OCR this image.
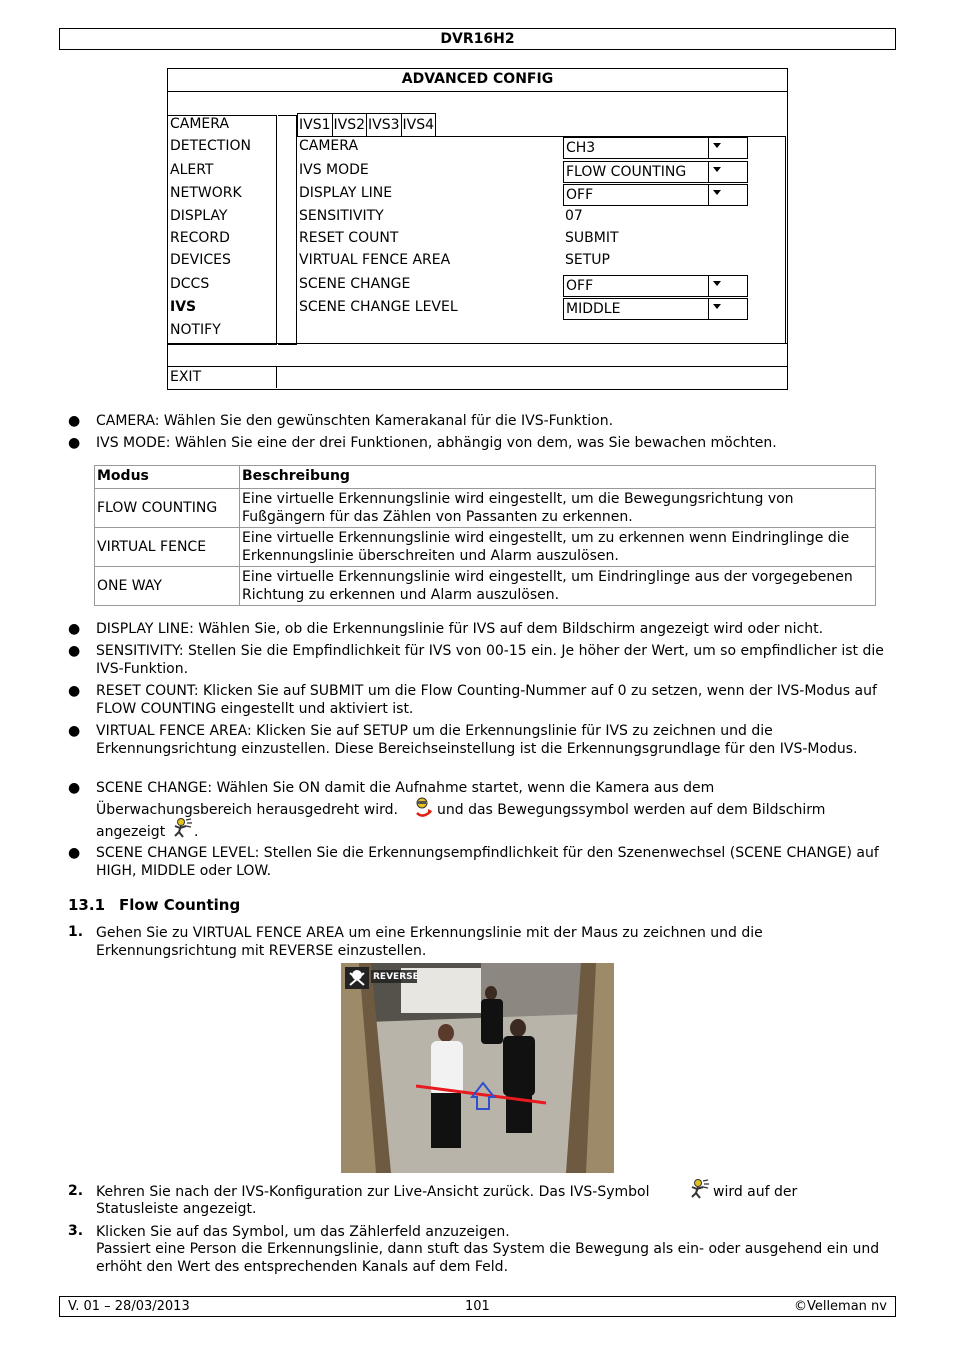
DVR16H2
ADVANCED CONFIG
CAMERA
DETECTION
ALERT
NETWORK
DISPLAY
RECORD
DEVICES
DCCS
IVS
NOTIFY
IVS1 IVS2 IVS3 IVS4
CAMERA	CH3
IVS MODE	FLOW COUNTING
DISPLAY LINE	OFF
SENSITIVITY	07
RESET COUNT	SUBMIT
VIRTUAL FENCE AREA	SETUP
SCENE CHANGE	OFF
SCENE CHANGE LEVEL	MIDDLE
EXIT
● CAMERA: Wählen Sie den gewünschten Kamerakanal für die IVS-Funktion.
● IVS MODE: Wählen Sie eine der drei Funktionen, abhängig von dem, was Sie bewachen möchten.
Modus	Beschreibung
FLOW COUNTING	Eine virtuelle Erkennungslinie wird eingestellt, um die Bewegungsrichtung von Fußgängern für das Zählen von Passanten zu erkennen.
VIRTUAL FENCE	Eine virtuelle Erkennungslinie wird eingestellt, um zu erkennen wenn Eindringlinge die Erkennungslinie überschreiten und Alarm auszulösen.
ONE WAY	Eine virtuelle Erkennungslinie wird eingestellt, um Eindringlinge aus der vorgegebenen Richtung zu erkennen und Alarm auszulösen.
● DISPLAY LINE: Wählen Sie, ob die Erkennungslinie für IVS auf dem Bildschirm angezeigt wird oder nicht.
● SENSITIVITY: Stellen Sie die Empfindlichkeit für IVS von 00-15 ein. Je höher der Wert, um so empfindlicher ist die IVS-Funktion.
● RESET COUNT: Klicken Sie auf SUBMIT um die Flow Counting-Nummer auf 0 zu setzen, wenn der IVS-Modus auf FLOW COUNTING eingestellt und aktiviert ist.
● VIRTUAL FENCE AREA: Klicken Sie auf SETUP um die Erkennungslinie für IVS zu zeichnen und die Erkennungsrichtung einzustellen. Diese Bereichseinstellung ist die Erkennungsgrundlage für den IVS-Modus.
● SCENE CHANGE: Wählen Sie ON damit die Aufnahme startet, wenn die Kamera aus dem
Überwachungsbereich herausgedreht wird.	und das Bewegungssymbol werden auf dem Bildschirm
angezeigt .
● SCENE CHANGE LEVEL: Stellen Sie die Erkennungsempfindlichkeit für den Szenenwechsel (SCENE CHANGE) auf HIGH, MIDDLE oder LOW.
13.1 Flow Counting
1. Gehen Sie zu VIRTUAL FENCE AREA um eine Erkennungslinie mit der Maus zu zeichnen und die Erkennungsrichtung mit REVERSE einzustellen.
REVERSE
2. Kehren Sie nach der IVS-Konfiguration zur Live-Ansicht zurück. Das IVS-Symbol	wird auf der
Statusleiste angezeigt.
3. Klicken Sie auf das Symbol, um das Zählerfeld anzuzeigen.
Passiert eine Person die Erkennungslinie, dann stuft das System die Bewegung als ein- oder ausgehend ein und erhöht den Wert des entsprechenden Kanals auf dem Feld.
V. 01 – 28/03/2013	101	©Velleman nv
